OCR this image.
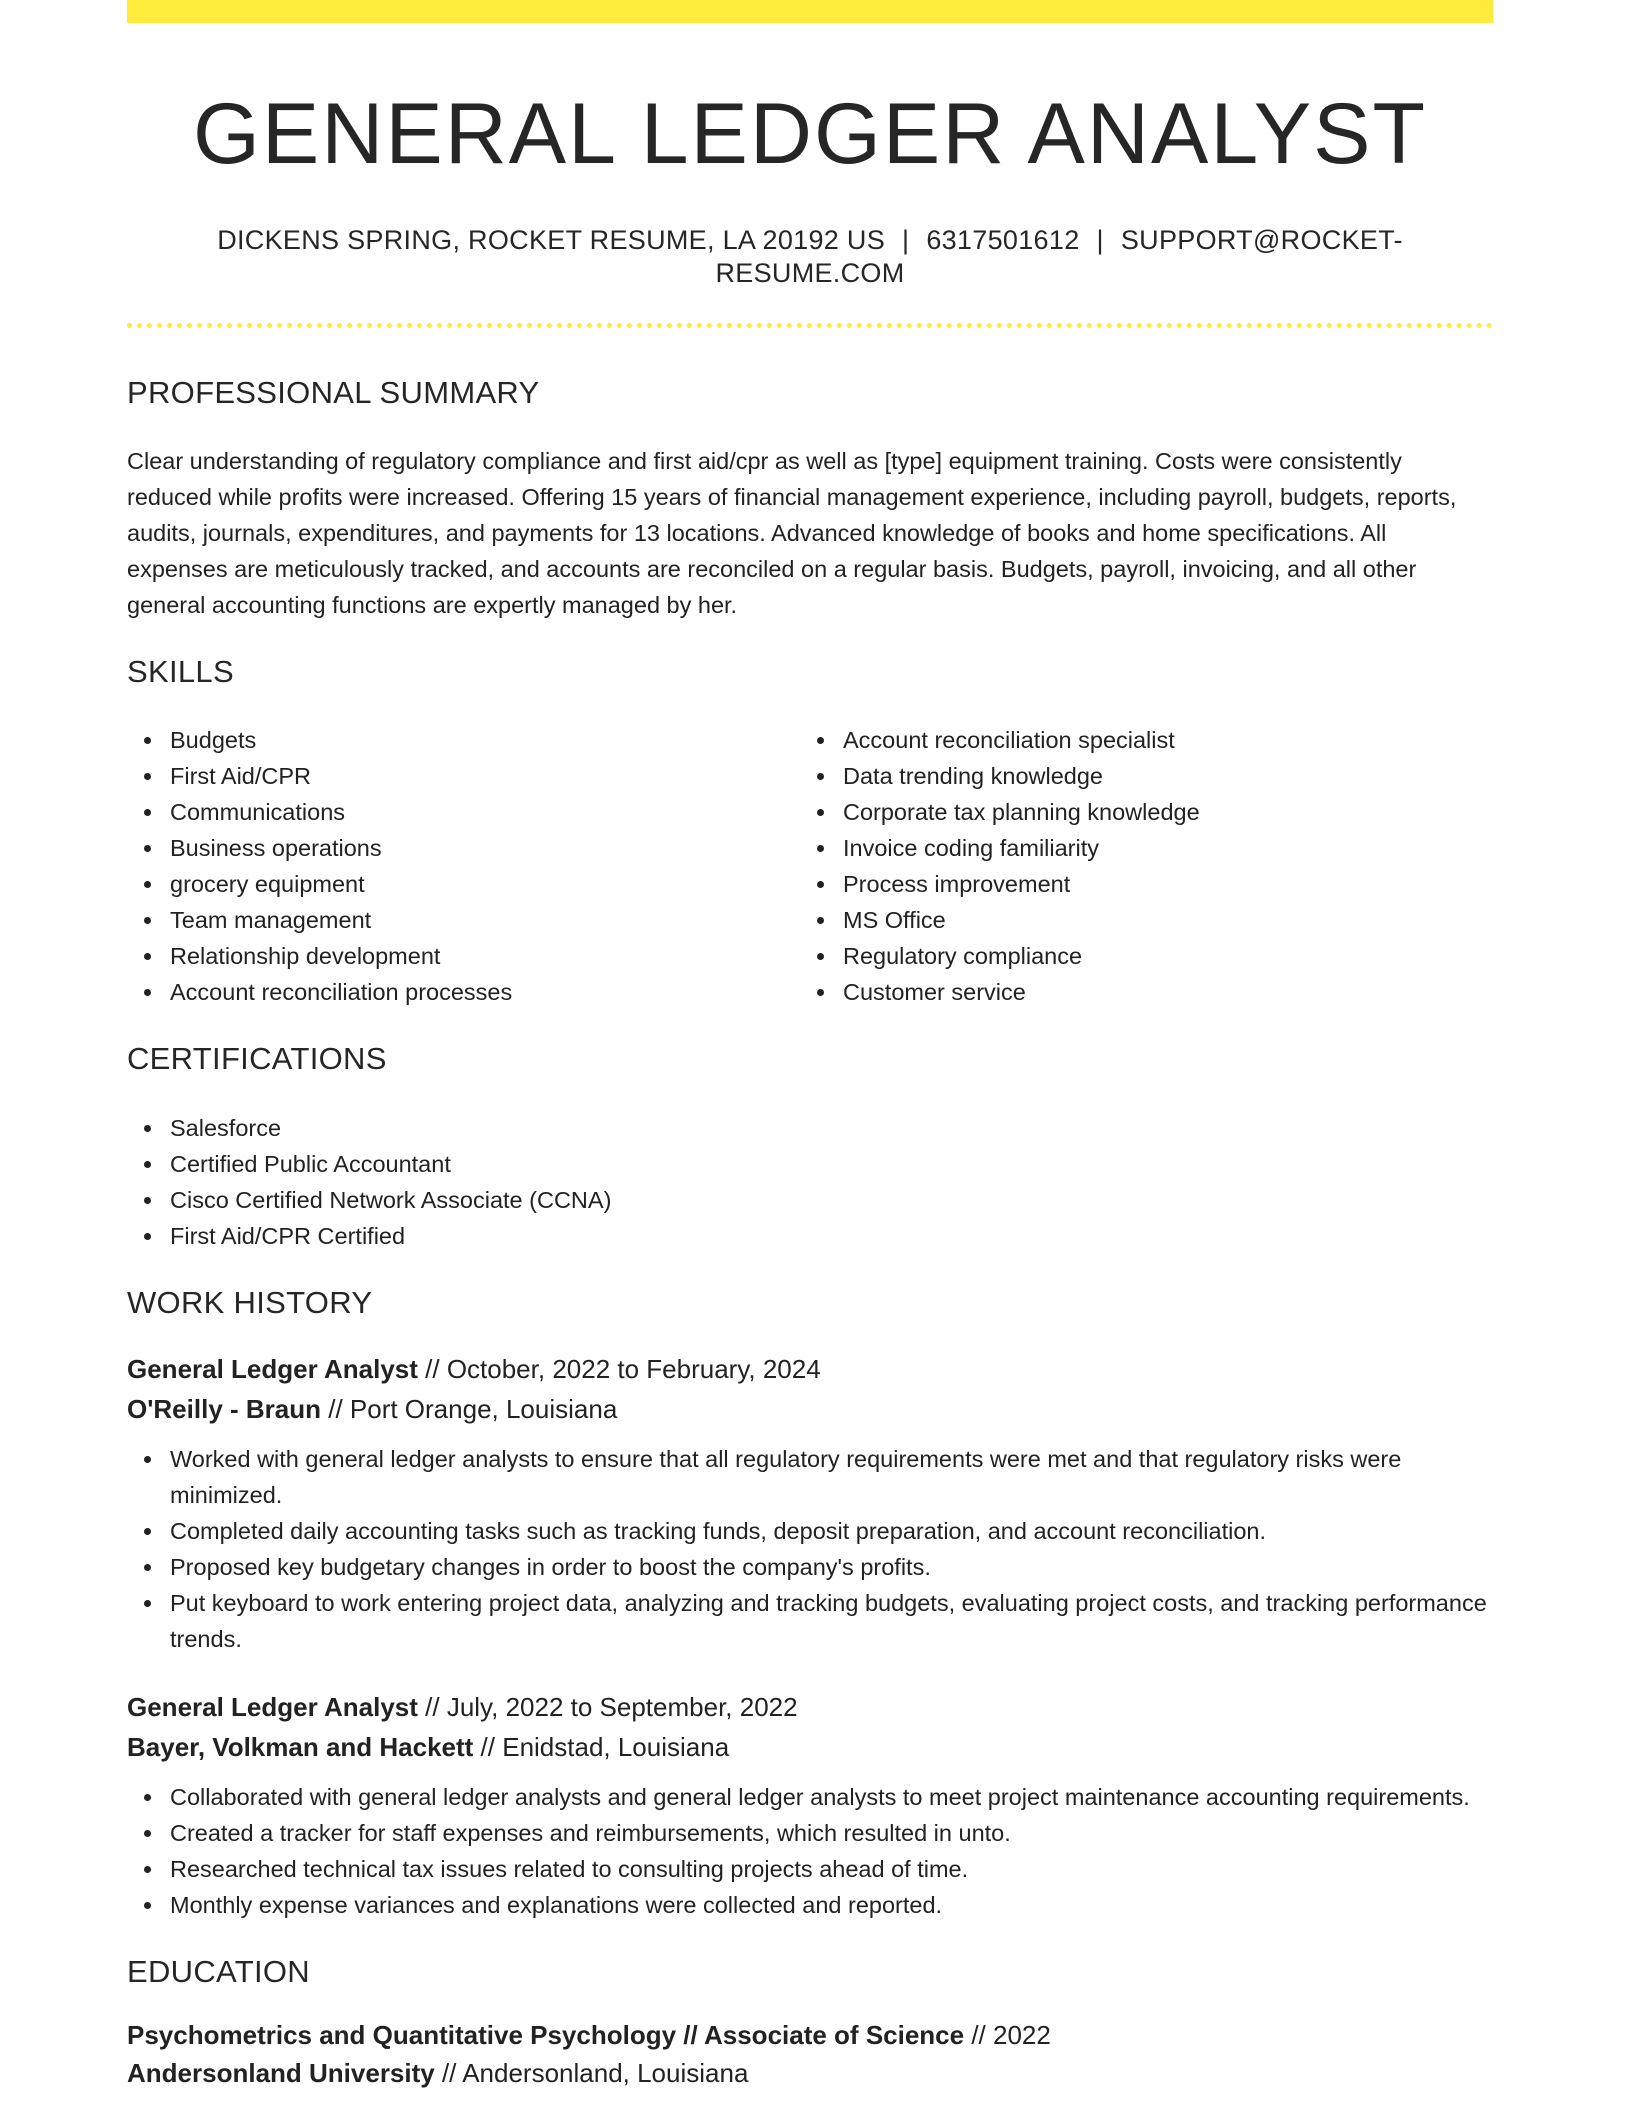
GENERAL LEDGER ANALYST
DICKENS SPRING, ROCKET RESUME, LA 20192 US | 6317501612 | SUPPORT@ROCKET-RESUME.COM
PROFESSIONAL SUMMARY

Clear understanding of regulatory compliance and first aid/cpr as well as [type] equipment training. Costs were consistently reduced while profits were increased. Offering 15 years of financial management experience, including payroll, budgets, reports, audits, journals, expenditures, and payments for 13 locations. Advanced knowledge of books and home specifications. All expenses are meticulously tracked, and accounts are reconciled on a regular basis. Budgets, payroll, invoicing, and all other general accounting functions are expertly managed by her.

SKILLS
Budgets
First Aid/CPR
Communications
Business operations
grocery equipment
Team management
Relationship development
Account reconciliation processes
Account reconciliation specialist
Data trending knowledge
Corporate tax planning knowledge
Invoice coding familiarity
Process improvement
MS Office
Regulatory compliance
Customer service
CERTIFICATIONS
Salesforce
Certified Public Accountant
Cisco Certified Network Associate (CCNA)
First Aid/CPR Certified
WORK HISTORY
General Ledger Analyst // October, 2022 to February, 2024
O'Reilly - Braun // Port Orange, Louisiana
Worked with general ledger analysts to ensure that all regulatory requirements were met and that regulatory risks were minimized.
Completed daily accounting tasks such as tracking funds, deposit preparation, and account reconciliation.
Proposed key budgetary changes in order to boost the company's profits.
Put keyboard to work entering project data, analyzing and tracking budgets, evaluating project costs, and tracking performance trends.
General Ledger Analyst // July, 2022 to September, 2022
Bayer, Volkman and Hackett // Enidstad, Louisiana
Collaborated with general ledger analysts and general ledger analysts to meet project maintenance accounting requirements.
Created a tracker for staff expenses and reimbursements, which resulted in unto.
Researched technical tax issues related to consulting projects ahead of time.
Monthly expense variances and explanations were collected and reported.
EDUCATION
Psychometrics and Quantitative Psychology // Associate of Science // 2022
Andersonland University // Andersonland, Louisiana
